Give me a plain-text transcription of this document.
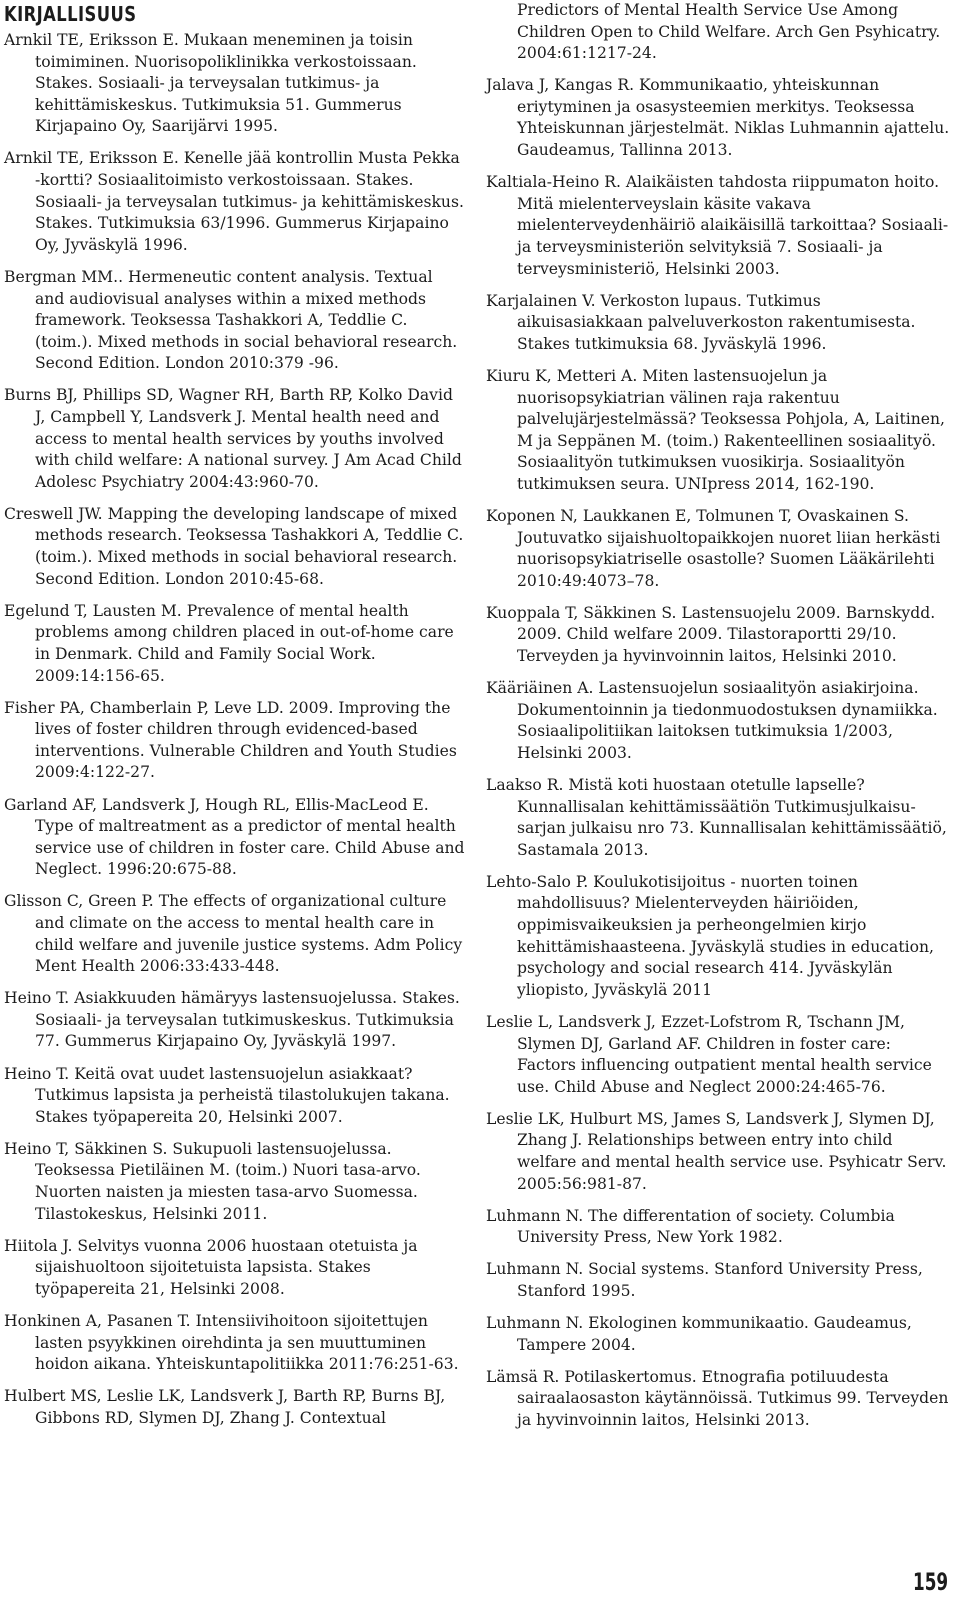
KIRJALLISUUS

Arnkil TE, Eriksson E. Mukaan meneminen ja toisin toimiminen. Nuorisopoliklinikka verkostoissaan. Stakes. Sosiaali- ja terveysalan tutkimus- ja kehittämiskeskus. Tutkimuksia 51. Gummerus Kirjapaino Oy, Saarijärvi 1995.

Arnkil TE, Eriksson E. Kenelle jää kontrollin Musta Pekka -kortti? Sosiaalitoimisto verkostoissaan. Stakes. Sosiaali- ja terveysalan tutkimus- ja kehittämiskeskus. Stakes. Tutkimuksia 63/1996. Gummerus Kirjapaino Oy, Jyväskylä 1996.

Bergman MM.. Hermeneutic content analysis. Textual and audiovisual analyses within a mixed methods framework. Teoksessa Tashakkori A, Teddlie C. (toim.). Mixed methods in social behavioral research. Second Edition. London 2010:379 -96.

Burns BJ, Phillips SD, Wagner RH, Barth RP, Kolko David J, Campbell Y, Landsverk J. Mental health need and access to mental health services by youths involved with child welfare: A national survey. J Am Acad Child Adolesc Psychiatry 2004:43:960-70.

Creswell JW. Mapping the developing landscape of mixed methods research. Teoksessa Tashakkori A, Teddlie C. (toim.). Mixed methods in social behavioral research. Second Edition. London 2010:45-68.

Egelund T, Lausten M. Prevalence of mental health problems among children placed in out-of-home care in Denmark. Child and Family Social Work. 2009:14:156-65.

Fisher PA, Chamberlain P, Leve LD. 2009. Improving the lives of foster children through evidenced-based interventions. Vulnerable Children and Youth Studies 2009:4:122-27.

Garland AF, Landsverk J, Hough RL, Ellis-MacLeod E. Type of maltreatment as a predictor of mental health service use of children in foster care. Child Abuse and Neglect. 1996:20:675-88.

Glisson C, Green P. The effects of organizational culture and climate on the access to mental health care in child welfare and juvenile justice systems. Adm Policy Ment Health 2006:33:433-448.

Heino T. Asiakkuuden hämäryys lastensuojelussa. Stakes. Sosiaali- ja terveysalan tutkimuskeskus. Tutkimuksia 77. Gummerus Kirjapaino Oy, Jyväskylä 1997.

Heino T. Keitä ovat uudet lastensuojelun asiakkaat? Tutkimus lapsista ja perheistä tilastolukujen takana. Stakes työpapereita 20, Helsinki 2007.

Heino T, Säkkinen S. Sukupuoli lastensuojelussa. Teoksessa Pietiläinen M. (toim.) Nuori tasa-arvo. Nuorten naisten ja miesten tasa-arvo Suomessa. Tilastokeskus, Helsinki 2011.

Hiitola J. Selvitys vuonna 2006 huostaan otetuista ja sijaishuoltoon sijoitetuista lapsista. Stakes työpapereita 21, Helsinki 2008.

Honkinen A, Pasanen T. Intensiivihoitoon sijoitettujen lasten psyykkinen oirehdinta ja sen muuttuminen hoidon aikana. Yhteiskuntapolitiikka 2011:76:251-63.

Hulbert MS, Leslie LK, Landsverk J, Barth RP, Burns BJ, Gibbons RD, Slymen DJ, Zhang J. Contextual

Predictors of Mental Health Service Use Among Children Open to Child Welfare. Arch Gen Psyhicatry. 2004:61:1217-24.

Jalava J, Kangas R. Kommunikaatio, yhteiskunnan eriytyminen ja osasysteemien merkitys. Teoksessa Yhteiskunnan järjestelmät. Niklas Luhmannin ajattelu. Gaudeamus, Tallinna 2013.

Kaltiala-Heino R. Alaikäisten tahdosta riippumaton hoito. Mitä mielenterveyslain käsite vakava mielenterveydenhäiriö alaikäisillä tarkoittaa? Sosiaali- ja terveysministeriön selvityksiä 7. Sosiaali- ja terveysministeriö, Helsinki 2003.

Karjalainen V. Verkoston lupaus. Tutkimus aikuisasiakkaan palveluverkoston rakentumisesta. Stakes tutkimuksia 68. Jyväskylä 1996.

Kiuru K, Metteri A. Miten lastensuojelun ja nuorisopsykiatrian välinen raja rakentuu palvelujärjestelmässä? Teoksessa Pohjola, A, Laitinen, M ja Seppänen M. (toim.) Rakenteellinen sosiaalityö. Sosiaalityön tutkimuksen vuosikirja. Sosiaalityön tutkimuksen seura. UNIpress 2014, 162-190.

Koponen N, Laukkanen E, Tolmunen T, Ovaskainen S. Joutuvatko sijaishuoltopaikkojen nuoret liian herkästi nuorisopsykiatriselle osastolle? Suomen Lääkärilehti 2010:49:4073–78.

Kuoppala T, Säkkinen S. Lastensuojelu 2009. Barnskydd. 2009. Child welfare 2009. Tilastoraportti 29/10. Terveyden ja hyvinvoinnin laitos, Helsinki 2010.

Kääriäinen A. Lastensuojelun sosiaalityön asiakirjoina. Dokumentoinnin ja tiedonmuodostuksen dynamiikka. Sosiaalipolitiikan laitoksen tutkimuksia 1/2003, Helsinki 2003.

Laakso R. Mistä koti huostaan otetulle lapselle? Kunnallisalan kehittämissäätiön Tutkimusjulkaisu-sarjan julkaisu nro 73. Kunnallisalan kehittämissäätiö, Sastamala 2013.

Lehto-Salo P. Koulukotisijoitus - nuorten toinen mahdollisuus? Mielenterveyden häiriöiden, oppimisvaikeuksien ja perheongelmien kirjo kehittämishaasteena. Jyväskylä studies in education, psychology and social research 414. Jyväskylän yliopisto, Jyväskylä 2011

Leslie L, Landsverk J, Ezzet-Lofstrom R, Tschann JM, Slymen DJ, Garland AF. Children in foster care: Factors influencing outpatient mental health service use. Child Abuse and Neglect 2000:24:465-76.

Leslie LK, Hulburt MS, James S, Landsverk J, Slymen DJ, Zhang J. Relationships between entry into child welfare and mental health service use. Psyhicatr Serv. 2005:56:981-87.

Luhmann N. The differentation of society. Columbia University Press, New York 1982.

Luhmann N. Social systems. Stanford University Press, Stanford 1995.

Luhmann N. Ekologinen kommunikaatio. Gaudeamus, Tampere 2004.

Lämsä R. Potilaskertomus. Etnografia potiluudesta sairaalaosaston käytännöissä. Tutkimus 99. Terveyden ja hyvinvoinnin laitos, Helsinki 2013.

159
